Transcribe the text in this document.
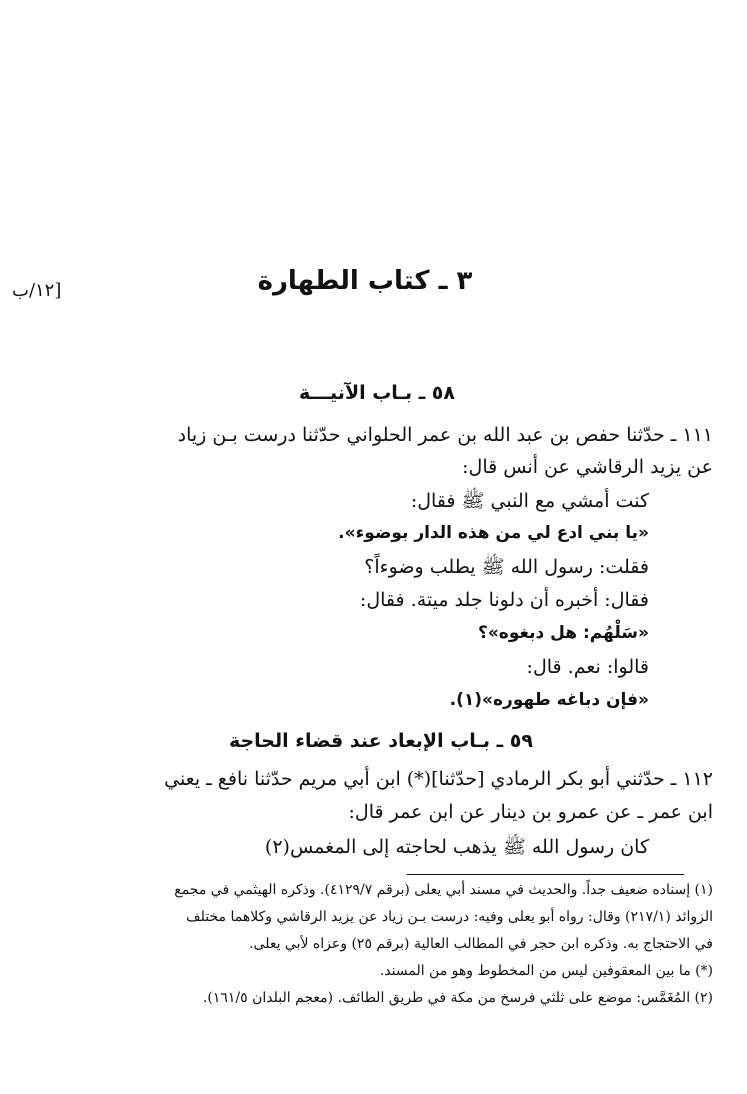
٣ ـ كتاب الطهارة
[١٢/ب
٥٨ ـ بـاب الآنيـــة
١١١ ـ حدّثنا حفص بن عبد الله بن عمر الحلواني حدّثنا درست بـن زياد
عن يزيد الرقاشي عن أنس قال:
كنت أمشي مع النبي ﷺ فقال:
«يا بني ادع لي من هذه الدار بوضوء».
فقلت: رسول الله ﷺ يطلب وضوءاً؟
فقال: أخبره أن دلونا جلد ميتة. فقال:
«سَلْهُم: هل دبغوه»؟
قالوا: نعم. قال:
«فإن دباغه طهوره»(١).
٥٩ ـ بـاب الإبعاد عند قضاء الحاجة
١١٢ ـ حدّثني أبو بكر الرمادي [حدّثنا](*) ابن أبي مريم حدّثنا نافع ـ يعني
ابن عمر ـ عن عمرو بن دينار عن ابن عمر قال:
كان رسول الله ﷺ يذهب لحاجته إلى المغمس(٢)
(١) إسناده ضعيف جداً. والحديث في مسند أبي يعلى (برقم ٤١٢٩/٧). وذكره الهيثمي في مجمع
الزوائد (٢١٧/١) وقال: رواه أبو يعلى وفيه: درست بـن زياد عن يزيد الرقاشي وكلاهما مختلف
في الاحتجاج به. وذكره ابن حجر في المطالب العالية (برقم ٢٥) وعزاه لأبي يعلى.
(*) ما بين المعقوفين ليس من المخطوط وهو من المسند.
(٢) المُغَمَّس: موضع على ثلثي فرسخ من مكة في طريق الطائف. (معجم البلدان ١٦١/٥).
